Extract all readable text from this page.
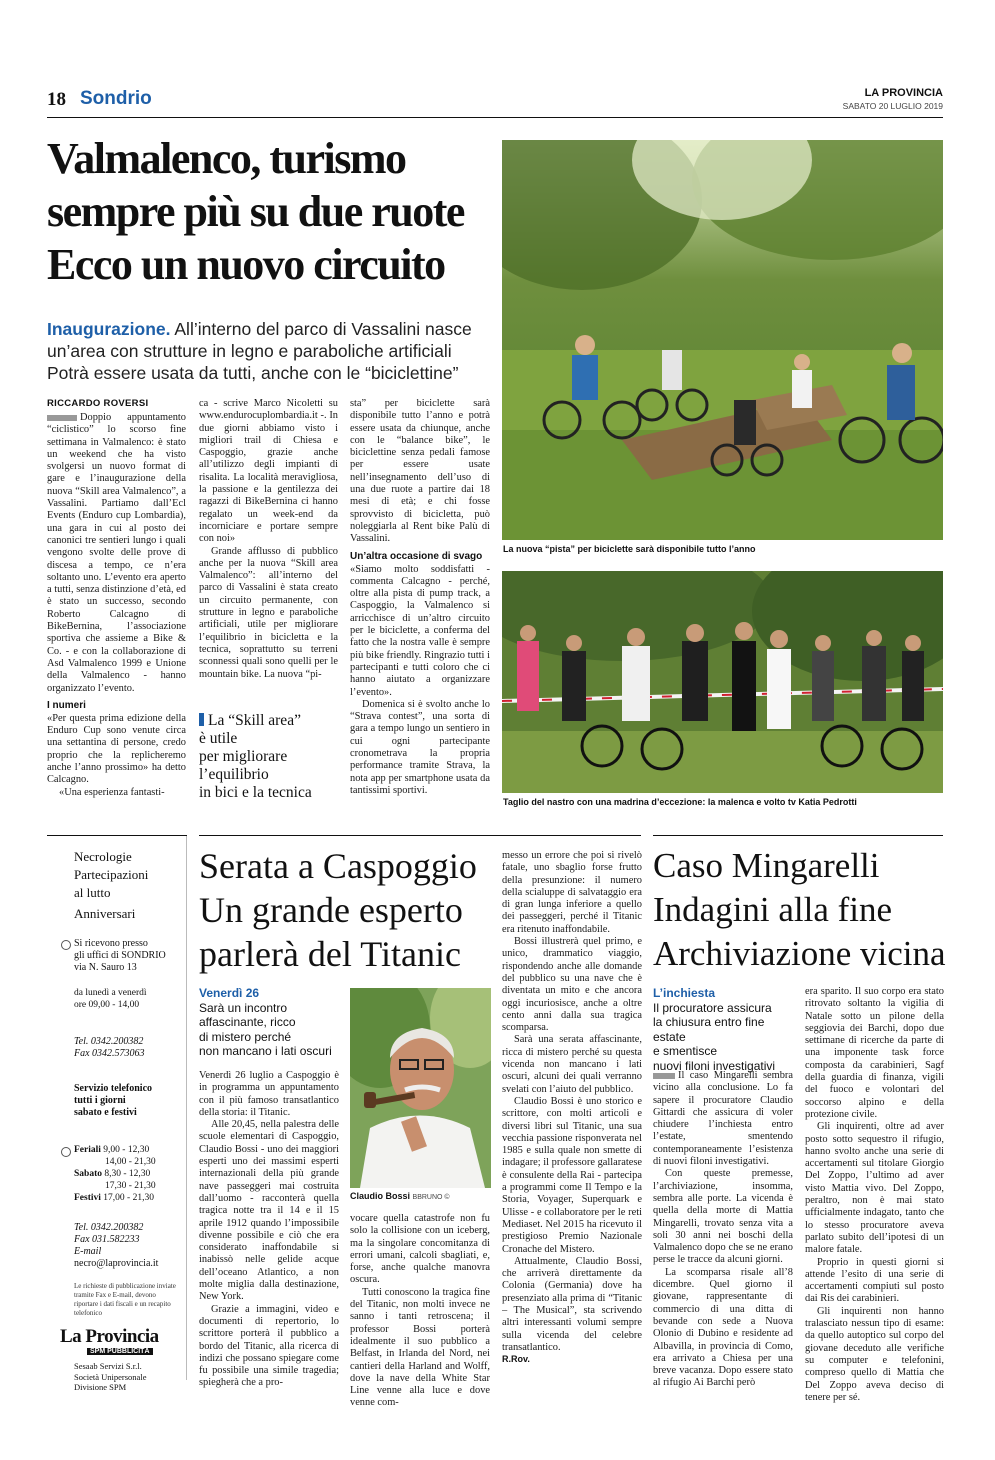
18 Sondrio	LA PROVINCIA
SABATO 20 LUGLIO 2019
Valmalenco, turismo
sempre più su due ruote
Ecco un nuovo circuito
Inaugurazione. All’interno del parco di Vassalini nasce
un’area con strutture in legno e paraboliche artificiali
Potrà essere usata da tutti, anche con le “biciclettine”
RICCARDO ROVERSI

Doppio appuntamento “ciclistico” lo scorso fine settimana in Valmalenco: è stato un weekend che ha visto svolgersi un nuovo format di gare e l’inaugurazione della nuova “Skill area Valmalenco”, a Vassalini. Partiamo dall’Ecl Events (Enduro cup Lombardia), una gara in cui al posto dei canonici tre sentieri lungo i quali vengono svolte delle prove di discesa a tempo, ce n’era soltanto uno. L’evento era aperto a tutti, senza distinzione d’età, ed è stato un successo, secondo Roberto Calcagno di BikeBernina, l’associazione sportiva che assieme a Bike & Co. - e con la collaborazione di Asd Valmalenco 1999 e Unione della Valmalenco - hanno organizzato l’evento.

I numeri

«Per questa prima edizione della Enduro Cup sono venute circa una settantina di persone, credo proprio che la replicheremo anche l’anno prossimo» ha detto Calcagno.

«Una esperienza fantasti-

ca - scrive Marco Nicoletti su www.endurocuplombardia.it -. In due giorni abbiamo visto i migliori trail di Chiesa e Caspoggio, grazie anche all’utilizzo degli impianti di risalita. La località meravigliosa, la passione e la gentilezza dei ragazzi di BikeBernina ci hanno regalato un week-end da incorniciare e portare sempre con noi»

Grande afflusso di pubblico anche per la nuova “Skill area Valmalenco”: all’interno del parco di Vassalini è stata creato un circuito permanente, con strutture in legno e paraboliche artificiali, utile per migliorare l’equilibrio in bicicletta e la tecnica, soprattutto su terreni sconnessi quali sono quelli per le mountain bike. La nuova “pi-

La “Skill area”
è utile
per migliorare
l’equilibrio
in bici e la tecnica

sta” per biciclette sarà disponibile tutto l’anno e potrà essere usata da chiunque, anche con le “balance bike”, le biciclettine senza pedali famose per essere usate nell’insegnamento dell’uso di una due ruote a partire dai 18 mesi di età; e chi fosse sprovvisto di bicicletta, può noleggiarla al Rent bike Palù di Vassalini.

Un’altra occasione di svago

«Siamo molto soddisfatti - commenta Calcagno - perché, oltre alla pista di pump track, a Caspoggio, la Valmalenco si arricchisce di un’altro circuito per le biciclette, a conferma del fatto che la nostra valle è sempre più bike friendly. Ringrazio tutti i partecipanti e tutti coloro che ci hanno aiutato a organizzare l’evento».

Domenica si è svolto anche lo “Strava contest”, una sorta di gara a tempo lungo un sentiero in cui ogni partecipante cronometrava la propria performance tramite Strava, la nota app per smartphone usata da tantissimi sportivi.

La nuova “pista” per biciclette sarà disponibile tutto l’anno
Taglio del nastro con una madrina d’eccezione: la malenca e volto tv Katia Pedrotti
Necrologie
Partecipazioni
al lutto
Anniversari
Si ricevono presso
gli uffici di SONDRIO
via N. Sauro 13
da lunedì a venerdì
ore 09,00 - 14,00
Tel. 0342.200382
Fax 0342.573063
Servizio telefonico
tutti i giorni
sabato e festivi
Feriali 9,00 - 12,30
14,00 - 21,30
Sabato 8,30 - 12,30
17,30 - 21,30
Festivi 17,00 - 21,30
Tel. 0342.200382
Fax 031.582233
E-mail
necro@laprovincia.it
Le richieste di pubblicazione inviate tramite Fax e E-mail, devono riportare i dati fiscali e un recapito telefonico
La Provincia
SPM PUBBLICITÀ
Sesaab Servizi S.r.l.
Società Unipersonale
Divisione SPM
Serata a Caspoggio
Un grande esperto
parlerà del Titanic
Venerdì 26
Sarà un incontro
affascinante, ricco
di mistero perché
non mancano i lati oscuri

Venerdì 26 luglio a Caspoggio è in programma un appuntamento con il più famoso transatlantico della storia: il Titanic.

Alle 20,45, nella palestra delle scuole elementari di Caspoggio, Claudio Bossi - uno dei maggiori esperti uno dei massimi esperti internazionali della più grande nave passeggeri mai costruita dall’uomo - racconterà quella tragica notte tra il 14 e il 15 aprile 1912 quando l’impossibile divenne possibile e ciò che era considerato inaffondabile si inabissò nelle gelide acque dell’oceano Atlantico, a non molte miglia dalla destinazione, New York.

Grazie a immagini, video e documenti di repertorio, lo scrittore porterà il pubblico a bordo del Titanic, alla ricerca di indizi che possano spiegare come fu possibile una simile tragedia; spiegherà che a pro-

Claudio Bossi BBRUNO ©

vocare quella catastrofe non fu solo la collisione con un iceberg, ma la singolare concomitanza di errori umani, calcoli sbagliati, e, forse, anche qualche manovra oscura.

Tutti conoscono la tragica fine del Titanic, non molti invece ne sanno i tanti retroscena; il professor Bossi porterà idealmente il suo pubblico a Belfast, in Irlanda del Nord, nei cantieri della Harland and Wolff, dove la nave della White Star Line venne alla luce e dove venne com-

messo un errore che poi si rivelò fatale, uno sbaglio forse frutto della presunzione: il numero della scialuppe di salvataggio era di gran lunga inferiore a quello dei passeggeri, perché il Titanic era ritenuto inaffondabile.

Bossi illustrerà quel primo, e unico, drammatico viaggio, rispondendo anche alle domande del pubblico su una nave che è diventata un mito e che ancora oggi incuriosisce, anche a oltre cento anni dalla sua tragica scomparsa.

Sarà una serata affascinante, ricca di mistero perché su questa vicenda non mancano i lati oscuri, alcuni dei quali verranno svelati con l’aiuto del pubblico.

Claudio Bossi è uno storico e scrittore, con molti articoli e diversi libri sul Titanic, una sua vecchia passione risponverata nel 1985 e sulla quale non smette di indagare; il professore gallaratese è consulente della Rai - partecipa a programmi come Il Tempo e la Storia, Voyager, Superquark e Ulisse - e collaboratore per le reti Mediaset. Nel 2015 ha ricevuto il prestigioso Premio Nazionale Cronache del Mistero.

Attualmente, Claudio Bossi, che arriverà direttamente da Colonia (Germania) dove ha presenziato alla prima di “Titanic – The Musical”, sta scrivendo altri interessanti volumi sempre sulla vicenda del celebre transatlantico.

R.Rov.
Caso Mingarelli
Indagini alla fine
Archiviazione vicina
L’inchiesta
Il procuratore assicura
la chiusura entro fine estate
e smentisce
nuovi filoni investigativi

Il caso Mingarelli sembra vicino alla conclusione. Lo fa sapere il procuratore Claudio Gittardi che assicura di voler chiudere l’inchiesta entro l’estate, smentendo contemporaneamente l’esistenza di nuovi filoni investigativi.

Con queste premesse, l’archiviazione, insomma, sembra alle porte. La vicenda è quella della morte di Mattia Mingarelli, trovato senza vita a soli 30 anni nei boschi della Valmalenco dopo che se ne erano perse le tracce da alcuni giorni.

La scomparsa risale all’8 dicembre. Quel giorno il giovane, rappresentante di commercio di una ditta di bevande con sede a Nuova Olonio di Dubino e residente ad Albavilla, in provincia di Como, era arrivato a Chiesa per una breve vacanza. Dopo essere stato al rifugio Ai Barchi però

era sparito. Il suo corpo era stato ritrovato soltanto la vigilia di Natale sotto un pilone della seggiovia dei Barchi, dopo due settimane di ricerche da parte di una imponente task force composta da carabinieri, Sagf della guardia di finanza, vigili del fuoco e volontari del soccorso alpino e della protezione civile.

Gli inquirenti, oltre ad aver posto sotto sequestro il rifugio, hanno svolto anche una serie di accertamenti sul titolare Giorgio Del Zoppo, l’ultimo ad aver visto Mattia vivo. Del Zoppo, peraltro, non è mai stato ufficialmente indagato, tanto che lo stesso procuratore aveva parlato subito dell’ipotesi di un malore fatale.

Proprio in questi giorni si attende l’esito di una serie di accertamenti compiuti sul posto dai Ris dei carabinieri.

Gli inquirenti non hanno tralasciato nessun tipo di esame: da quello autoptico sul corpo del giovane deceduto alle verifiche su computer e telefonini, compreso quello di Mattia che Del Zoppo aveva deciso di tenere per sé.
